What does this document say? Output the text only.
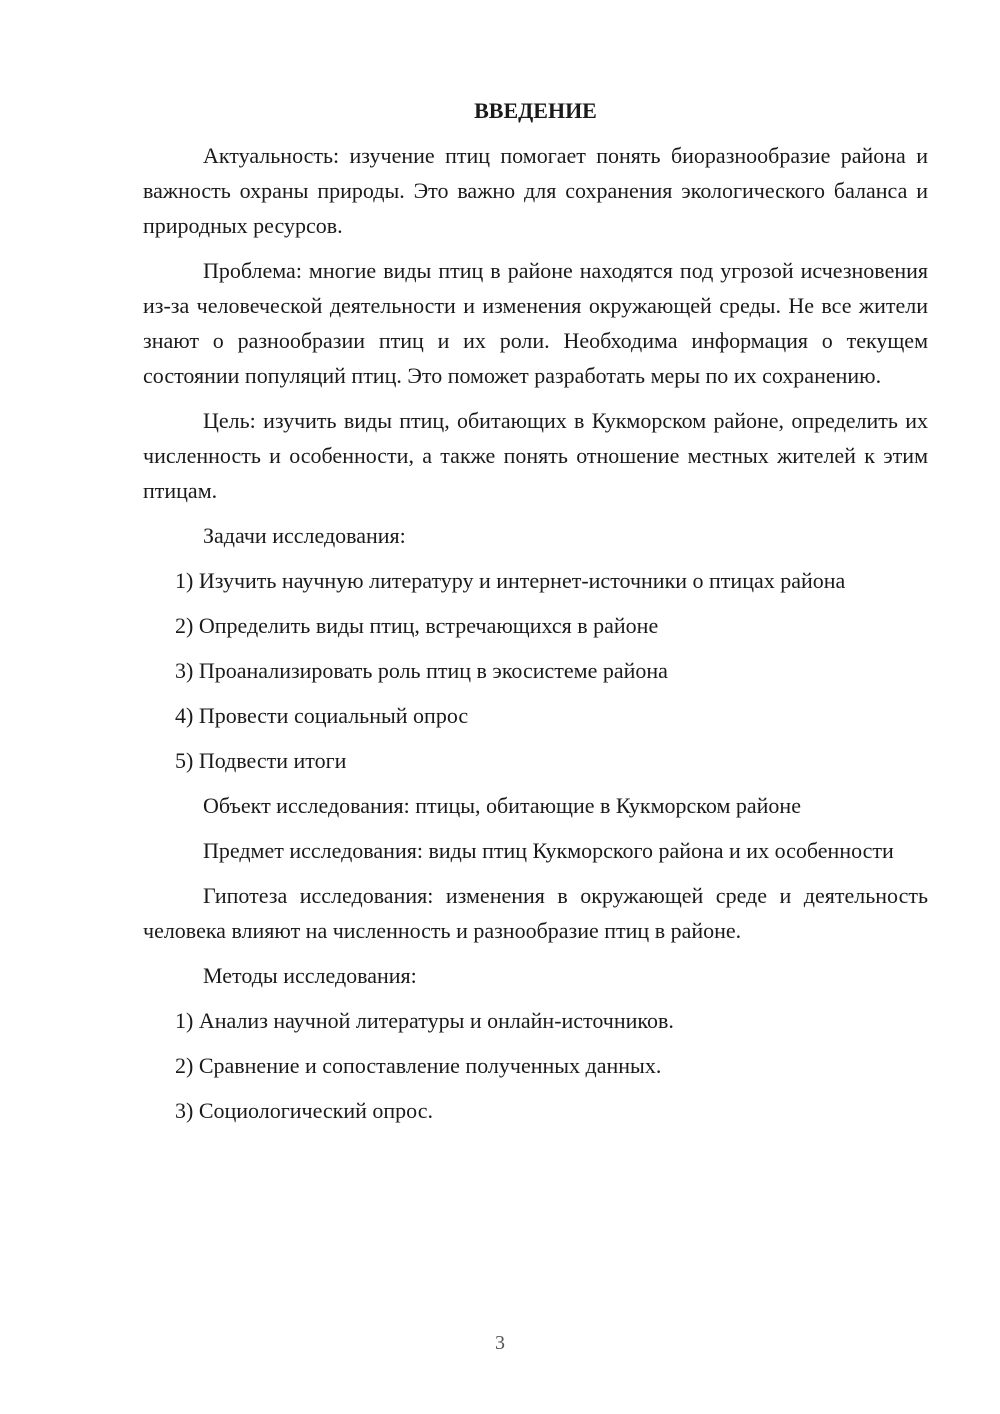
ВВЕДЕНИЕ

Актуальность: изучение птиц помогает понять биоразнообразие района и важность охраны природы. Это важно для сохранения экологического баланса и природных ресурсов.

Проблема: многие виды птиц в районе находятся под угрозой исчезновения из-за человеческой деятельности и изменения окружающей среды. Не все жители знают о разнообразии птиц и их роли. Необходима информация о текущем состоянии популяций птиц. Это поможет разработать меры по их сохранению.

Цель: изучить виды птиц, обитающих в Кукморском районе, определить их численность и особенности, а также понять отношение местных жителей к этим птицам.

Задачи исследования:

1) Изучить научную литературу и интернет-источники о птицах района

2) Определить виды птиц, встречающихся в районе

3) Проанализировать роль птиц в экосистеме района

4) Провести социальный опрос

5) Подвести итоги

Объект исследования: птицы, обитающие в Кукморском районе

Предмет исследования: виды птиц Кукморского района и их особенности

Гипотеза исследования: изменения в окружающей среде и деятельность человека влияют на численность и разнообразие птиц в районе.

Методы исследования:

1) Анализ научной литературы и онлайн-источников.

2) Сравнение и сопоставление полученных данных.

3) Социологический опрос.

3
